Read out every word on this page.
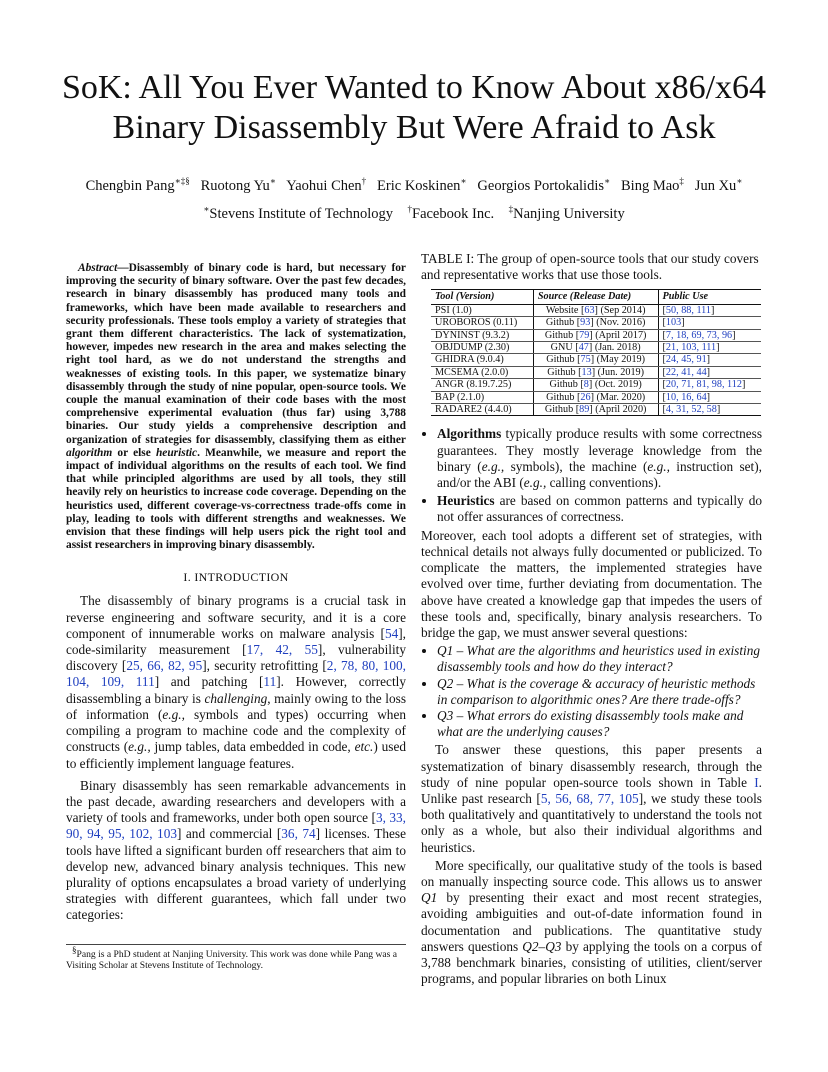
SoK: All You Ever Wanted to Know About x86/x64
Binary Disassembly But Were Afraid to Ask
Chengbin Pang∗‡§ Ruotong Yu∗ Yaohui Chen† Eric Koskinen∗ Georgios Portokalidis∗ Bing Mao‡ Jun Xu∗
∗Stevens Institute of Technology †Facebook Inc. ‡Nanjing University

Abstract—Disassembly of binary code is hard, but necessary for improving the security of binary software. Over the past few decades, research in binary disassembly has produced many tools and frameworks, which have been made available to researchers and security professionals. These tools employ a variety of strategies that grant them different characteristics. The lack of systematization, however, impedes new research in the area and makes selecting the right tool hard, as we do not understand the strengths and weaknesses of existing tools. In this paper, we systematize binary disassembly through the study of nine popular, open-source tools. We couple the manual examination of their code bases with the most comprehensive experimental evaluation (thus far) using 3,788 binaries. Our study yields a comprehensive description and organization of strategies for disassembly, classifying them as either algorithm or else heuristic. Meanwhile, we measure and report the impact of individual algorithms on the results of each tool. We find that while principled algorithms are used by all tools, they still heavily rely on heuristics to increase code coverage. Depending on the heuristics used, different coverage-vs-correctness trade-offs come in play, leading to tools with different strengths and weaknesses. We envision that these findings will help users pick the right tool and assist researchers in improving binary disassembly.

I. INTRODUCTION

The disassembly of binary programs is a crucial task in reverse engineering and software security, and it is a core component of innumerable works on malware analysis [54], code-similarity measurement [17, 42, 55], vulnerability discovery [25, 66, 82, 95], security retrofitting [2, 78, 80, 100, 104, 109, 111] and patching [11]. However, correctly disassembling a binary is challenging, mainly owing to the loss of information (e.g., symbols and types) occurring when compiling a program to machine code and the complexity of constructs (e.g., jump tables, data embedded in code, etc.) used to efficiently implement language features.

Binary disassembly has seen remarkable advancements in the past decade, awarding researchers and developers with a variety of tools and frameworks, under both open source [3, 33, 90, 94, 95, 102, 103] and commercial [36, 74] licenses. These tools have lifted a significant burden off researchers that aim to develop new, advanced binary analysis techniques. This new plurality of options encapsulates a broad variety of underlying strategies with different guarantees, which fall under two categories:

§Pang is a PhD student at Nanjing University. This work was done while Pang was a Visiting Scholar at Stevens Institute of Technology.

TABLE I: The group of open-source tools that our study covers and representative works that use those tools.

Tool (Version)	Source (Release Date)	Public Use
PSI (1.0)	Website [63] (Sep 2014)	[50, 88, 111]
UROBOROS (0.11)	Github [93] (Nov. 2016)	[103]
DYNINST (9.3.2)	Github [79] (April 2017)	[7, 18, 69, 73, 96]
OBJDUMP (2.30)	GNU [47] (Jan. 2018)	[21, 103, 111]
GHIDRA (9.0.4)	Github [75] (May 2019)	[24, 45, 91]
MCSEMA (2.0.0)	Github [13] (Jun. 2019)	[22, 41, 44]
ANGR (8.19.7.25)	Github [8] (Oct. 2019)	[20, 71, 81, 98, 112]
BAP (2.1.0)	Github [26] (Mar. 2020)	[10, 16, 64]
RADARE2 (4.4.0)	Github [89] (April 2020)	[4, 31, 52, 58]
• Algorithms typically produce results with some correctness guarantees. They mostly leverage knowledge from the binary (e.g., symbols), the machine (e.g., instruction set), and/or the ABI (e.g., calling conventions).
• Heuristics are based on common patterns and typically do not offer assurances of correctness.

Moreover, each tool adopts a different set of strategies, with technical details not always fully documented or publicized. To complicate the matters, the implemented strategies have evolved over time, further deviating from documentation. The above have created a knowledge gap that impedes the users of these tools and, specifically, binary analysis researchers. To bridge the gap, we must answer several questions:

• Q1 – What are the algorithms and heuristics used in existing disassembly tools and how do they interact?
• Q2 – What is the coverage & accuracy of heuristic methods in comparison to algorithmic ones? Are there trade-offs?
• Q3 – What errors do existing disassembly tools make and what are the underlying causes?

To answer these questions, this paper presents a systematization of binary disassembly research, through the study of nine popular open-source tools shown in Table I. Unlike past research [5, 56, 68, 77, 105], we study these tools both qualitatively and quantitatively to understand the tools not only as a whole, but also their individual algorithms and heuristics.

More specifically, our qualitative study of the tools is based on manually inspecting source code. This allows us to answer Q1 by presenting their exact and most recent strategies, avoiding ambiguities and out-of-date information found in documentation and publications. The quantitative study answers questions Q2–Q3 by applying the tools on a corpus of 3,788 benchmark binaries, consisting of utilities, client/server programs, and popular libraries on both Linux
